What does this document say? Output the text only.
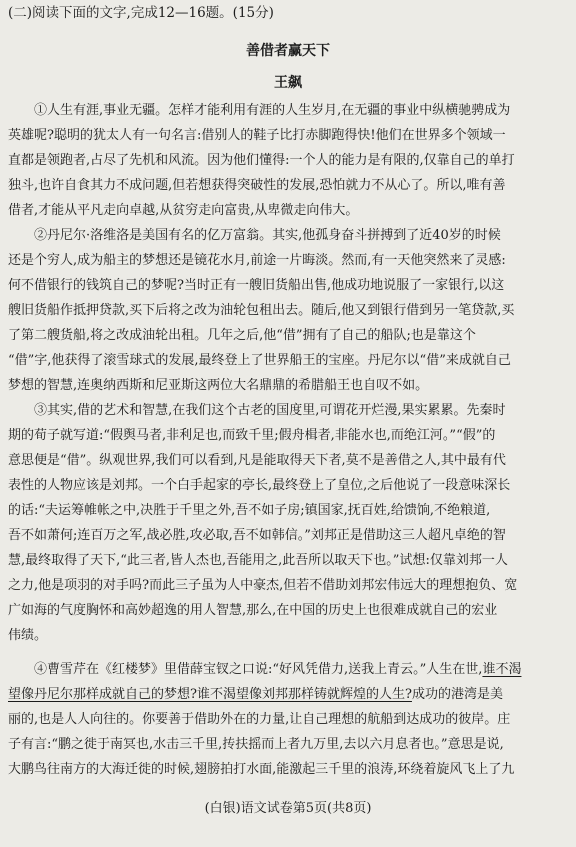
(二)阅读下面的文字,完成12—16题。(15分)
善借者赢天下
王飙
①人生有涯,事业无疆。怎样才能利用有涯的人生岁月,在无疆的事业中纵横驰骋成为
英雄呢?聪明的犹太人有一句名言:借别人的鞋子比打赤脚跑得快!他们在世界多个领域一
直都是领跑者,占尽了先机和风流。因为他们懂得:一个人的能力是有限的,仅靠自己的单打
独斗,也许自食其力不成问题,但若想获得突破性的发展,恐怕就力不从心了。所以,唯有善
借者,才能从平凡走向卓越,从贫穷走向富贵,从卑微走向伟大。
②丹尼尔·洛维洛是美国有名的亿万富翁。其实,他孤身奋斗拼搏到了近40岁的时候
还是个穷人,成为船主的梦想还是镜花水月,前途一片晦淡。然而,有一天他突然来了灵感:
何不借银行的钱筑自己的梦呢?当时正有一艘旧货船出售,他成功地说服了一家银行,以这
艘旧货船作抵押贷款,买下后将之改为油轮包租出去。随后,他又到银行借到另一笔贷款,买
了第二艘货船,将之改成油轮出租。几年之后,他“借”拥有了自己的船队;也是靠这个
“借”字,他获得了滚雪球式的发展,最终登上了世界船王的宝座。丹尼尔以“借”来成就自己
梦想的智慧,连奥纳西斯和尼亚斯这两位大名鼎鼎的希腊船王也自叹不如。
③其实,借的艺术和智慧,在我们这个古老的国度里,可谓花开烂漫,果实累累。先秦时
期的荀子就写道:“假舆马者,非利足也,而致千里;假舟楫者,非能水也,而绝江河。”“假”的
意思便是“借”。纵观世界,我们可以看到,凡是能取得天下者,莫不是善借之人,其中最有代
表性的人物应该是刘邦。一个白手起家的亭长,最终登上了皇位,之后他说了一段意味深长
的话:“夫运筹帷帐之中,决胜于千里之外,吾不如子房;镇国家,抚百姓,给馈饷,不绝粮道,
吾不如萧何;连百万之军,战必胜,攻必取,吾不如韩信。”刘邦正是借助这三人超凡卓绝的智
慧,最终取得了天下,“此三者,皆人杰也,吾能用之,此吾所以取天下也。”试想:仅靠刘邦一人
之力,他是项羽的对手吗?而此三子虽为人中豪杰,但若不借助刘邦宏伟远大的理想抱负、宽
广如海的气度胸怀和高妙超逸的用人智慧,那么,在中国的历史上也很难成就自己的宏业
伟绩。
④曹雪芹在《红楼梦》里借薛宝钗之口说:“好风凭借力,送我上青云。”人生在世,谁不渴
望像丹尼尔那样成就自己的梦想?谁不渴望像刘邦那样铸就辉煌的人生?成功的港湾是美
丽的,也是人人向往的。你要善于借助外在的力量,让自己理想的航船到达成功的彼岸。庄
子有言:“鹏之徙于南冥也,水击三千里,抟扶摇而上者九万里,去以六月息者也。”意思是说,
大鹏鸟往南方的大海迁徙的时候,翅膀拍打水面,能激起三千里的浪涛,环绕着旋风飞上了九
(白银)语文试卷第5页(共8页)
